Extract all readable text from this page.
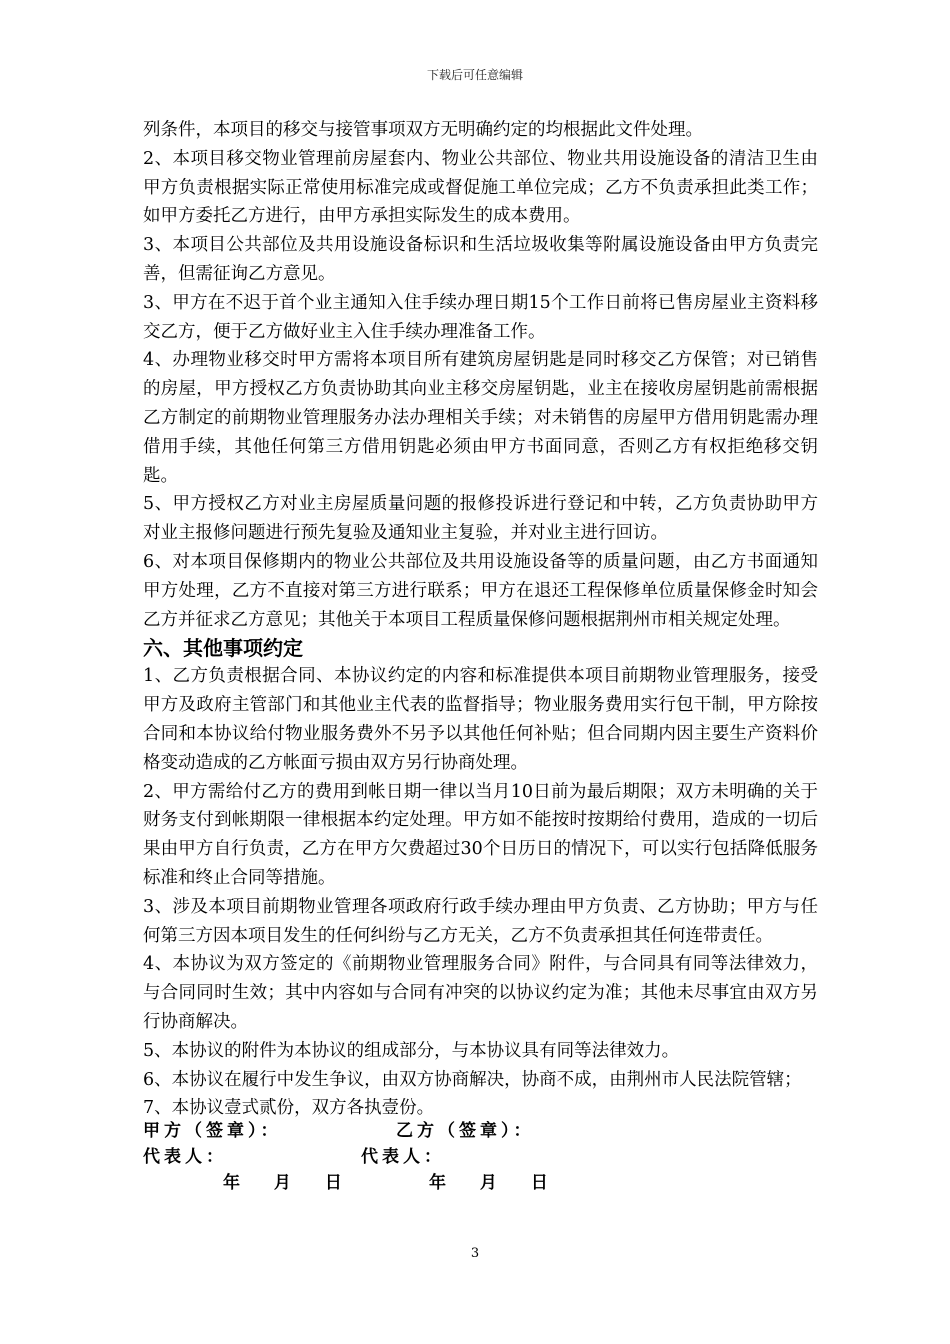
下载后可任意编辑

列条件，本项目的移交与接管事项双方无明确约定的均根据此文件处理。

2、本项目移交物业管理前房屋套内、物业公共部位、物业共用设施设备的清洁卫生由甲方负责根据实际正常使用标准完成或督促施工单位完成；乙方不负责承担此类工作；如甲方委托乙方进行，由甲方承担实际发生的成本费用。

3、本项目公共部位及共用设施设备标识和生活垃圾收集等附属设施设备由甲方负责完善，但需征询乙方意见。

3、甲方在不迟于首个业主通知入住手续办理日期15个工作日前将已售房屋业主资料移交乙方，便于乙方做好业主入住手续办理准备工作。

4、办理物业移交时甲方需将本项目所有建筑房屋钥匙是同时移交乙方保管；对已销售的房屋，甲方授权乙方负责协助其向业主移交房屋钥匙，业主在接收房屋钥匙前需根据乙方制定的前期物业管理服务办法办理相关手续；对未销售的房屋甲方借用钥匙需办理借用手续，其他任何第三方借用钥匙必须由甲方书面同意，否则乙方有权拒绝移交钥匙。

5、甲方授权乙方对业主房屋质量问题的报修投诉进行登记和中转，乙方负责协助甲方对业主报修问题进行预先复验及通知业主复验，并对业主进行回访。

6、对本项目保修期内的物业公共部位及共用设施设备等的质量问题，由乙方书面通知甲方处理，乙方不直接对第三方进行联系；甲方在退还工程保修单位质量保修金时知会乙方并征求乙方意见；其他关于本项目工程质量保修问题根据荆州市相关规定处理。

六、其他事项约定

1、乙方负责根据合同、本协议约定的内容和标准提供本项目前期物业管理服务，接受甲方及政府主管部门和其他业主代表的监督指导；物业服务费用实行包干制，甲方除按合同和本协议给付物业服务费外不另予以其他任何补贴；但合同期内因主要生产资料价格变动造成的乙方帐面亏损由双方另行协商处理。

2、甲方需给付乙方的费用到帐日期一律以当月10日前为最后期限；双方未明确的关于财务支付到帐期限一律根据本约定处理。甲方如不能按时按期给付费用，造成的一切后果由甲方自行负责，乙方在甲方欠费超过30个日历日的情况下，可以实行包括降低服务标准和终止合同等措施。

3、涉及本项目前期物业管理各项政府行政手续办理由甲方负责、乙方协助；甲方与任何第三方因本项目发生的任何纠纷与乙方无关，乙方不负责承担其任何连带责任。

4、本协议为双方签定的《前期物业管理服务合同》附件，与合同具有同等法律效力，与合同同时生效；其中内容如与合同有冲突的以协议约定为准；其他未尽事宜由双方另行协商解决。

5、本协议的附件为本协议的组成部分，与本协议具有同等法律效力。

6、本协议在履行中发生争议，由双方协商解决，协商不成，由荆州市人民法院管辖；

7、本协议壹式贰份，双方各执壹份。

甲方（签章）：	乙方（签章）：
代表人：	代表人：
年 月 日	年 月 日
3
